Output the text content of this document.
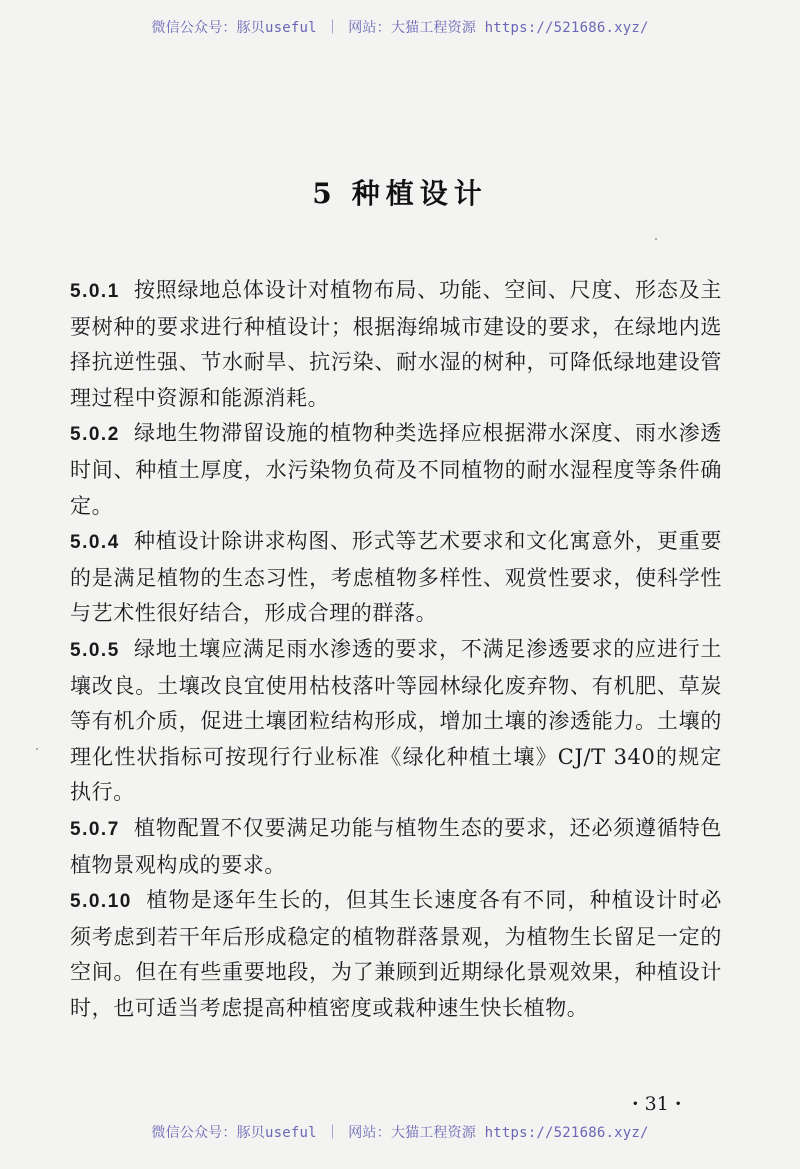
微信公众号：豚贝useful ｜ 网站：大猫工程资源 https://521686.xyz/
5 种植设计

5.0.1 按照绿地总体设计对植物布局、功能、空间、尺度、形态及主要树种的要求进行种植设计；根据海绵城市建设的要求，在绿地内选择抗逆性强、节水耐旱、抗污染、耐水湿的树种，可降低绿地建设管理过程中资源和能源消耗。

5.0.2 绿地生物滞留设施的植物种类选择应根据滞水深度、雨水渗透时间、种植土厚度，水污染物负荷及不同植物的耐水湿程度等条件确定。

5.0.4 种植设计除讲求构图、形式等艺术要求和文化寓意外，更重要的是满足植物的生态习性，考虑植物多样性、观赏性要求，使科学性与艺术性很好结合，形成合理的群落。

5.0.5 绿地土壤应满足雨水渗透的要求，不满足渗透要求的应进行土壤改良。土壤改良宜使用枯枝落叶等园林绿化废弃物、有机肥、草炭等有机介质，促进土壤团粒结构形成，增加土壤的渗透能力。土壤的理化性状指标可按现行行业标准《绿化种植土壤》CJ/T 340的规定执行。

5.0.7 植物配置不仅要满足功能与植物生态的要求，还必须遵循特色植物景观构成的要求。

5.0.10 植物是逐年生长的，但其生长速度各有不同，种植设计时必须考虑到若干年后形成稳定的植物群落景观，为植物生长留足一定的空间。但在有些重要地段，为了兼顾到近期绿化景观效果，种植设计时，也可适当考虑提高种植密度或栽种速生快长植物。

· 31 ·
微信公众号：豚贝useful ｜ 网站：大猫工程资源 https://521686.xyz/
